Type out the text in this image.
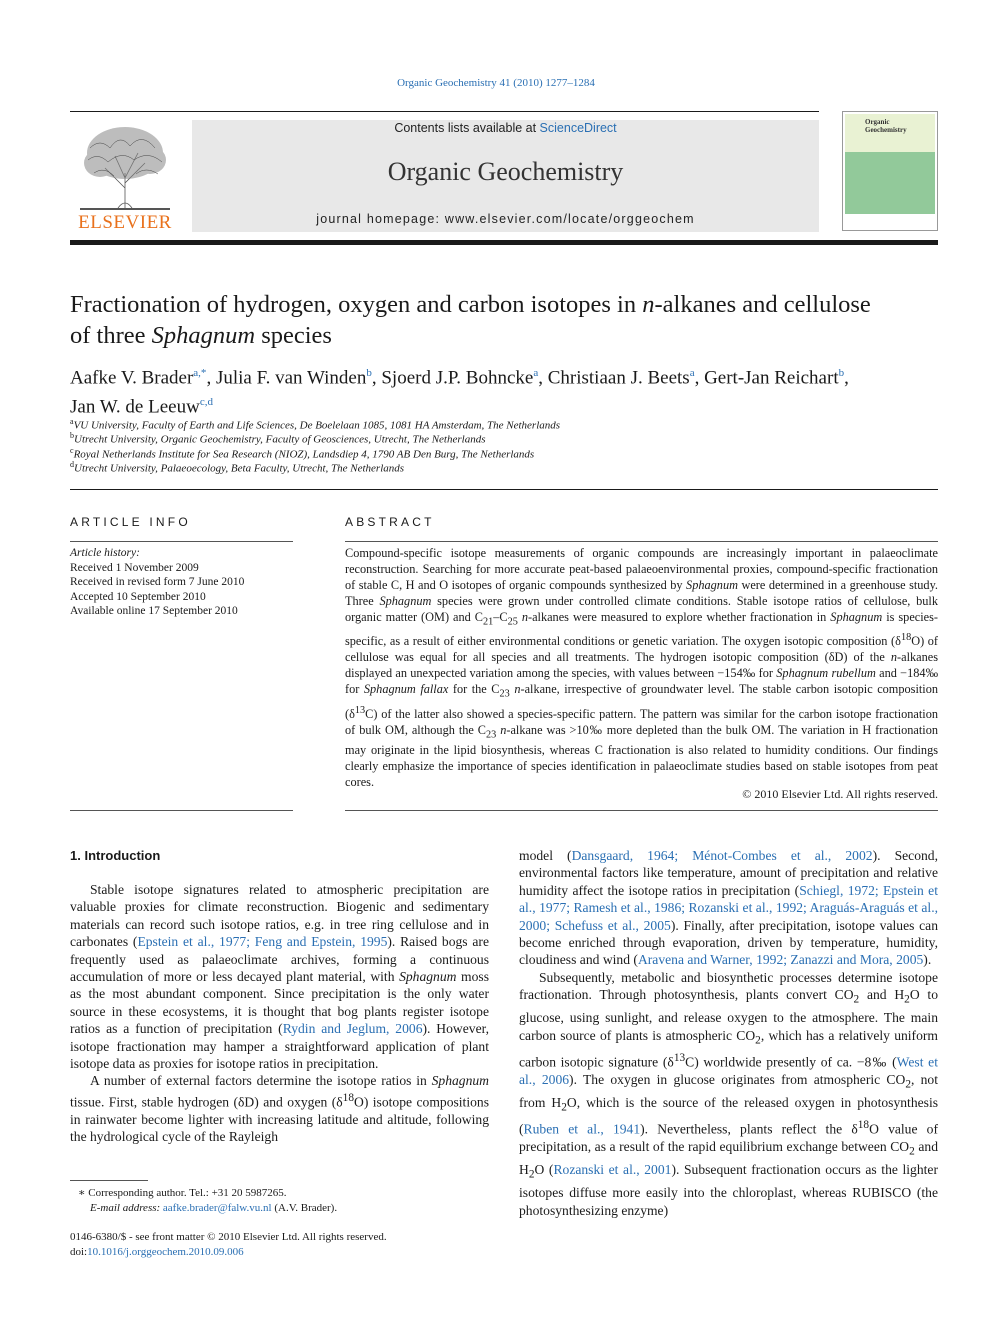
Organic Geochemistry 41 (2010) 1277–1284
ELSEVIER
Contents lists available at ScienceDirect
Organic Geochemistry
journal homepage: www.elsevier.com/locate/orggeochem
Organic Geochemistry
Fractionation of hydrogen, oxygen and carbon isotopes in n-alkanes and cellulose
of three Sphagnum species
Aafke V. Brader$^{a,*}$, Julia F. van Winden$^b$, Sjoerd J.P. Bohncke$^a$, Christiaan J. Beets$^a$, Gert-Jan Reichart$^b$,
Jan W. de Leeuw$^{c,d}$
$^a$VU University, Faculty of Earth and Life Sciences, De Boelelaan 1085, 1081 HA Amsterdam, The Netherlands
$^b$Utrecht University, Organic Geochemistry, Faculty of Geosciences, Utrecht, The Netherlands
$^c$Royal Netherlands Institute for Sea Research (NIOZ), Landsdiep 4, 1790 AB Den Burg, The Netherlands
$^d$Utrecht University, Palaeoecology, Beta Faculty, Utrecht, The Netherlands
ARTICLE INFO
Article history:
Received 1 November 2009
Received in revised form 7 June 2010
Accepted 10 September 2010
Available online 17 September 2010
ABSTRACT
Compound-specific isotope measurements of organic compounds are increasingly important in palaeoclimate reconstruction. Searching for more accurate peat-based palaeoenvironmental proxies, compound-specific fractionation of stable C, H and O isotopes of organic compounds synthesized by Sphagnum were determined in a greenhouse study. Three Sphagnum species were grown under controlled climate conditions. Stable isotope ratios of cellulose, bulk organic matter (OM) and $C_{21}-C_{25}$ n-alkanes were measured to explore whether fractionation in Sphagnum is species-specific, as a result of either environmental conditions or genetic variation. The oxygen isotopic composition $(\delta^{18}O)$ of cellulose was equal for all species and all treatments. The hydrogen isotopic composition (δD) of the n-alkanes displayed an unexpected variation among the species, with values between −154‰ for Sphagnum rubellum and −184‰ for Sphagnum fallax for the $C_{23}$ n-alkane, irrespective of groundwater level. The stable carbon isotopic composition $(\delta^{13}C)$ of the latter also showed a species-specific pattern. The pattern was similar for the carbon isotope fractionation of bulk OM, although the $C_{23}$ n-alkane was >10‰ more depleted than the bulk OM. The variation in H fractionation may originate in the lipid biosynthesis, whereas C fractionation is also related to humidity conditions. Our findings clearly emphasize the importance of species identification in palaeoclimate studies based on stable isotopes from peat cores.
© 2010 Elsevier Ltd. All rights reserved.
1. Introduction

Stable isotope signatures related to atmospheric precipitation are valuable proxies for climate reconstruction. Biogenic and sedimentary materials can record such isotope ratios, e.g. in tree ring cellulose and in carbonates (Epstein et al., 1977; Feng and Epstein, 1995). Raised bogs are frequently used as palaeoclimate archives, forming a continuous accumulation of more or less decayed plant material, with Sphagnum moss as the most abundant component. Since precipitation is the only water source in these ecosystems, it is thought that bog plants register isotope ratios as a function of precipitation (Rydin and Jeglum, 2006). However, isotope fractionation may hamper a straightforward application of plant isotope data as proxies for isotope ratios in precipitation.

A number of external factors determine the isotope ratios in Sphagnum tissue. First, stable hydrogen (δD) and oxygen $(\delta^{18}O)$ isotope compositions in rainwater become lighter with increasing latitude and altitude, following the hydrological cycle of the Rayleigh

model (Dansgaard, 1964; Ménot-Combes et al., 2002). Second, environmental factors like temperature, amount of precipitation and relative humidity affect the isotope ratios in precipitation (Schiegl, 1972; Epstein et al., 1977; Ramesh et al., 1986; Rozanski et al., 1992; Araguás-Araguás et al., 2000; Schefuss et al., 2005). Finally, after precipitation, isotope values can become enriched through evaporation, driven by temperature, humidity, cloudiness and wind (Aravena and Warner, 1992; Zanazzi and Mora, 2005).

Subsequently, metabolic and biosynthetic processes determine isotope fractionation. Through photosynthesis, plants convert $CO_2$ and $H_2O$ to glucose, using sunlight, and release oxygen to the atmosphere. The main carbon source of plants is atmospheric $CO_2$, which has a relatively uniform carbon isotopic signature $(\delta^{13}C)$ worldwide presently of ca. −8‰ (West et al., 2006). The oxygen in glucose originates from atmospheric $CO_2$, not from $H_2O$, which is the source of the released oxygen in photosynthesis (Ruben et al., 1941). Nevertheless, plants reflect the $\delta^{18}O$ value of precipitation, as a result of the rapid equilibrium exchange between $CO_2$ and $H_2O$ (Rozanski et al., 2001). Subsequent fractionation occurs as the lighter isotopes diffuse more easily into the chloroplast, whereas RUBISCO (the photosynthesizing enzyme)

∗ Corresponding author. Tel.: +31 20 5987265.
E-mail address: aafke.brader@falw.vu.nl (A.V. Brader).
0146-6380/$ - see front matter © 2010 Elsevier Ltd. All rights reserved.
doi:10.1016/j.orggeochem.2010.09.006
